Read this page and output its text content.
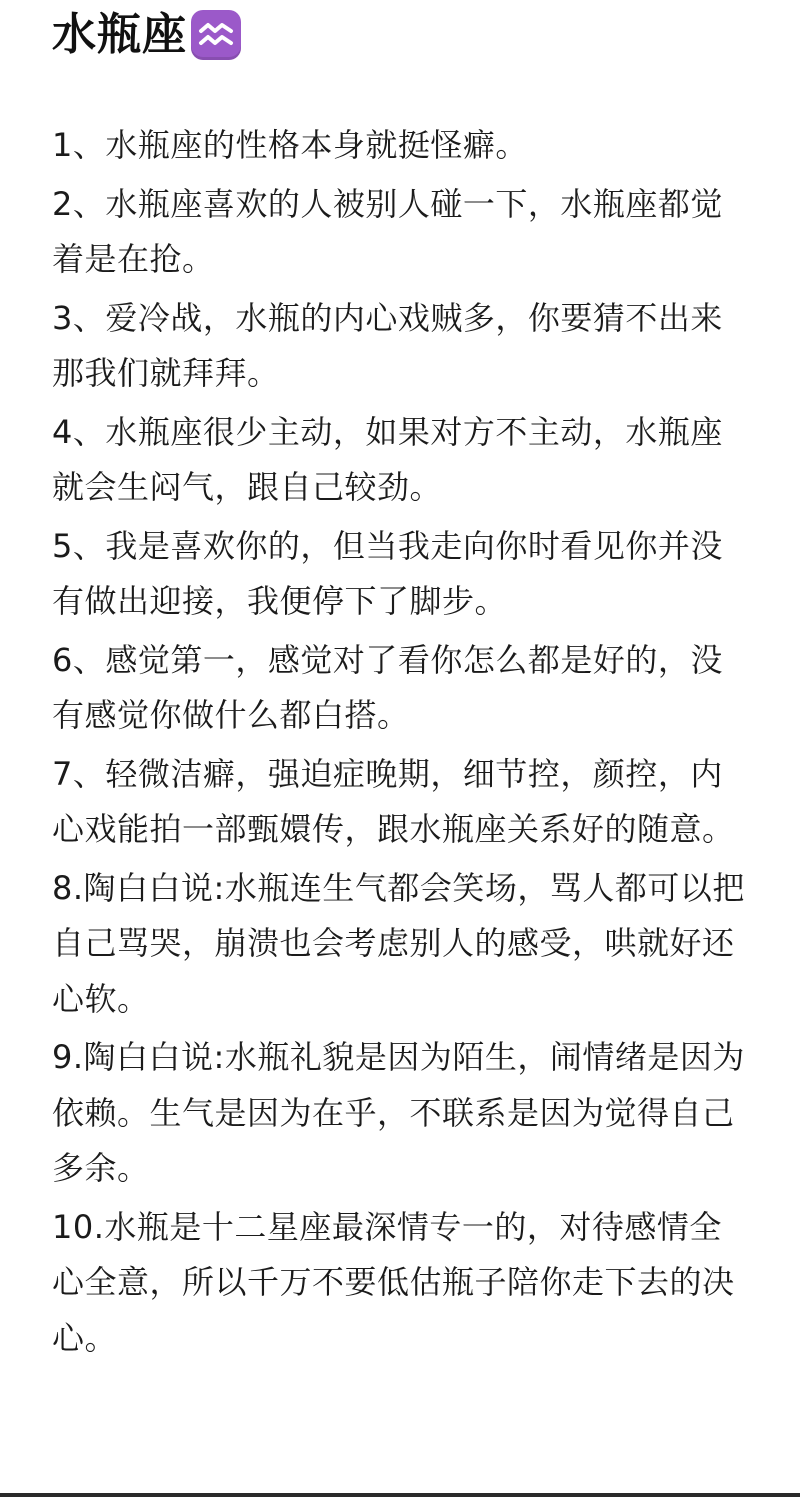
水瓶座
1、水瓶座的性格本身就挺怪癖。
2、水瓶座喜欢的人被别人碰一下，水瓶座都觉着是在抢。
3、爱冷战，水瓶的内心戏贼多，你要猜不出来那我们就拜拜。
4、水瓶座很少主动，如果对方不主动，水瓶座就会生闷气，跟自己较劲。
5、我是喜欢你的，但当我走向你时看见你并没有做出迎接，我便停下了脚步。
6、感觉第一，感觉对了看你怎么都是好的，没有感觉你做什么都白搭。
7、轻微洁癖，强迫症晚期，细节控，颜控，内心戏能拍一部甄嬛传，跟水瓶座关系好的随意。
8.陶白白说:水瓶连生气都会笑场，骂人都可以把自己骂哭，崩溃也会考虑别人的感受，哄就好还心软。
9.陶白白说:水瓶礼貌是因为陌生，闹情绪是因为依赖。生气是因为在乎，不联系是因为觉得自己多余。
10.水瓶是十二星座最深情专一的，对待感情全心全意，所以千万不要低估瓶子陪你走下去的决心。
